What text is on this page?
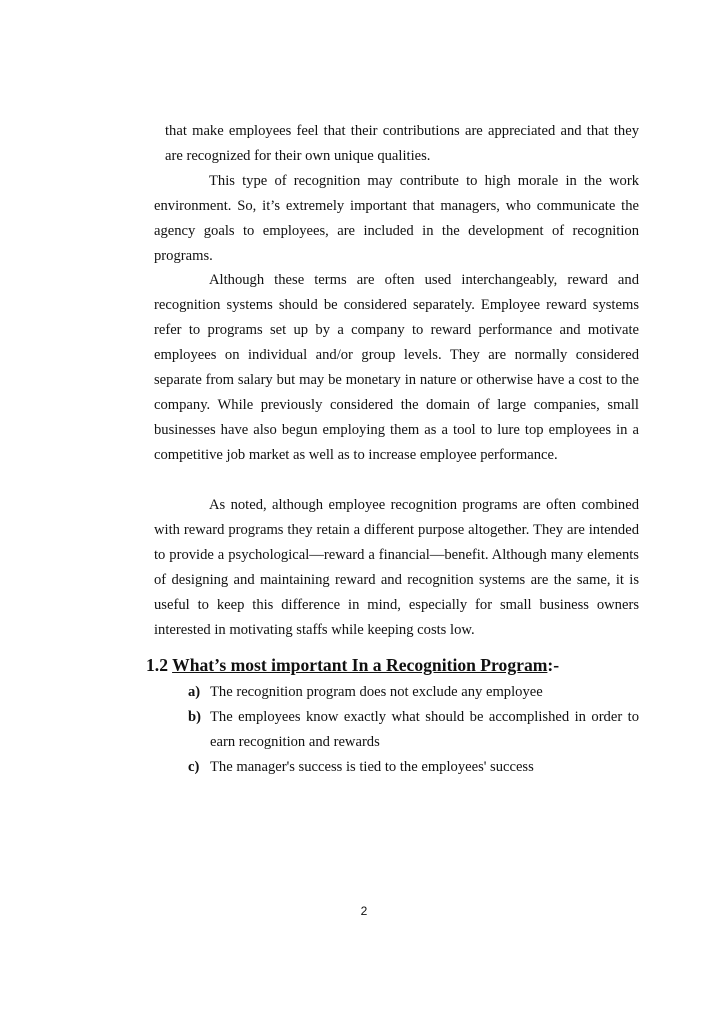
that make employees feel that their contributions are appreciated and that they are recognized for their own unique qualities.

This type of recognition may contribute to high morale in the work environment. So, it’s extremely important that managers, who communicate the agency goals to employees, are included in the development of recognition programs.

Although these terms are often used interchangeably, reward and recognition systems should be considered separately. Employee reward systems refer to programs set up by a company to reward performance and motivate employees on individual and/or group levels. They are normally considered separate from salary but may be monetary in nature or otherwise have a cost to the company. While previously considered the domain of large companies, small businesses have also begun employing them as a tool to lure top employees in a competitive job market as well as to increase employee performance.

As noted, although employee recognition programs are often combined with reward programs they retain a different purpose altogether. They are intended to provide a psychological—reward a financial—benefit. Although many elements of designing and maintaining reward and recognition systems are the same, it is useful to keep this difference in mind, especially for small business owners interested in motivating staffs while keeping costs low.

1.2 What’s most important In a Recognition Program:-
a) The recognition program does not exclude any employee
b) The employees know exactly what should be accomplished in order to earn recognition and rewards
c) The manager's success is tied to the employees' success
2
